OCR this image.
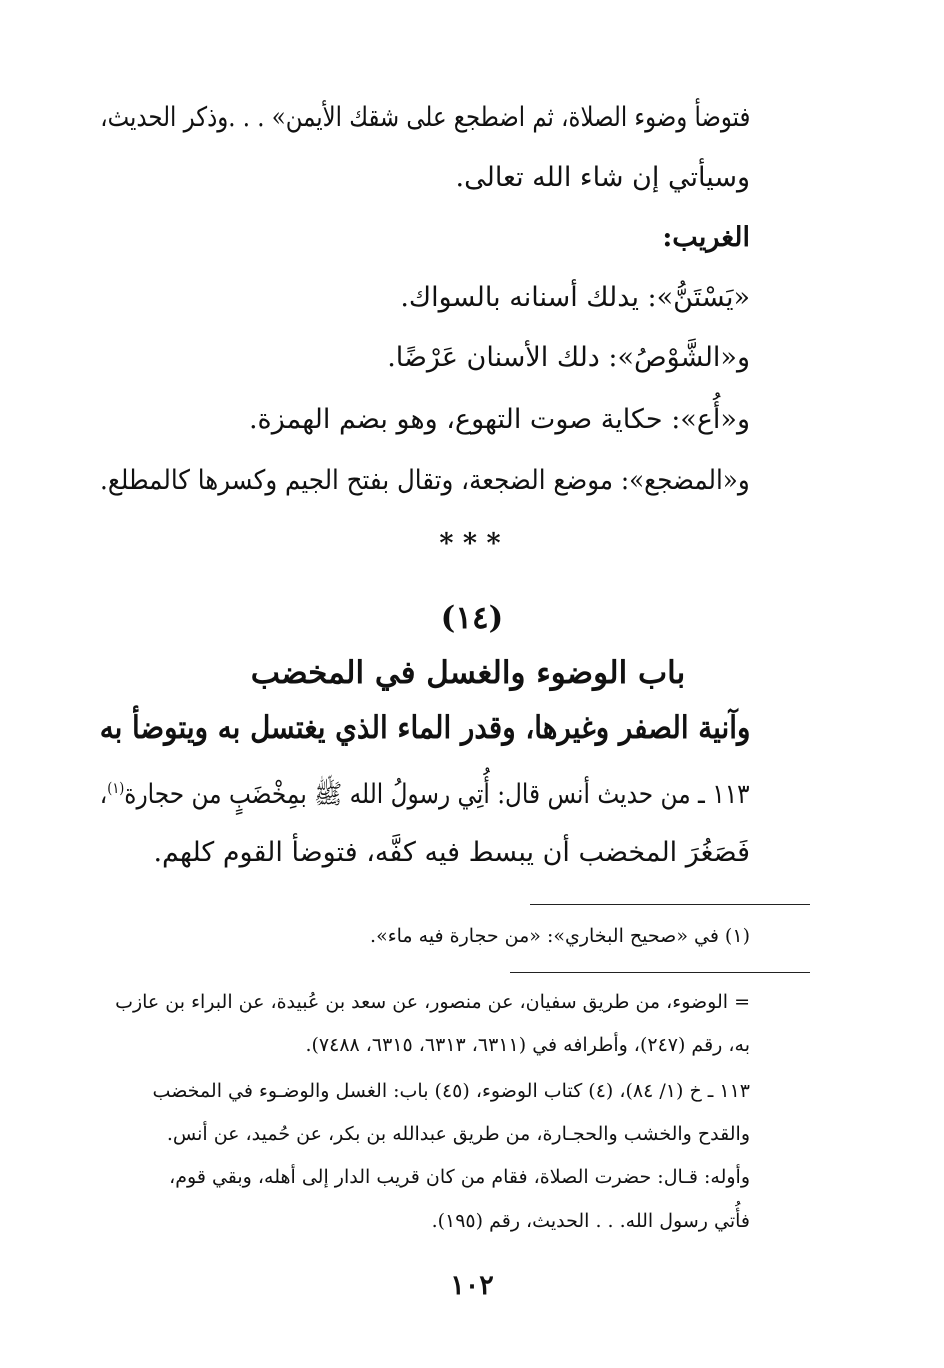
فتوضأ وضوء الصلاة، ثم اضطجع على شقك الأيمن» . . .وذكر الحديث،
وسيأتي إن شاء الله تعالى.
الغريب:
«يَسْتَنُّ»: يدلك أسنانه بالسواك.
و«الشَّوْصُ»: دلك الأسنان عَرْضًا.
و«أُع»: حكاية صوت التهوع، وهو بضم الهمزة.
و«المضجع»: موضع الضجعة، وتقال بفتح الجيم وكسرها كالمطلع.
* * *
(١٤)
باب الوضوء والغسل في المخضب
وآنية الصفر وغيرها، وقدر الماء الذي يغتسل به ويتوضأ به
١١٣ ـ من حديث أنس قال: أُتِي رسولُ الله ﷺ بمِخْضَبٍ من حجارة$^{(١)}$،
فَصَغُرَ المخضب أن يبسط فيه كفَّه، فتوضأ القوم كلهم.
(١) في «صحيح البخاري»: «من حجارة فيه ماء».
= الوضوء، من طريق سفيان، عن منصور، عن سعد بن عُبيدة، عن البراء بن عازب
به، رقم (٢٤٧)، وأطرافه في (٦٣١١، ٦٣١٣، ٦٣١٥، ٧٤٨٨).
١١٣ ـ خ (١/ ٨٤)، (٤) كتاب الوضوء، (٤٥) باب: الغسل والوضـوء في المخضب
والقدح والخشب والحجـارة، من طريق عبدالله بن بكر، عن حُميد، عن أنس.
وأوله: قـال: حضرت الصلاة، فقام من كان قريب الدار إلى أهله، وبقي قوم،
فأُتي رسول الله. . . الحديث، رقم (١٩٥).
١٠٢
